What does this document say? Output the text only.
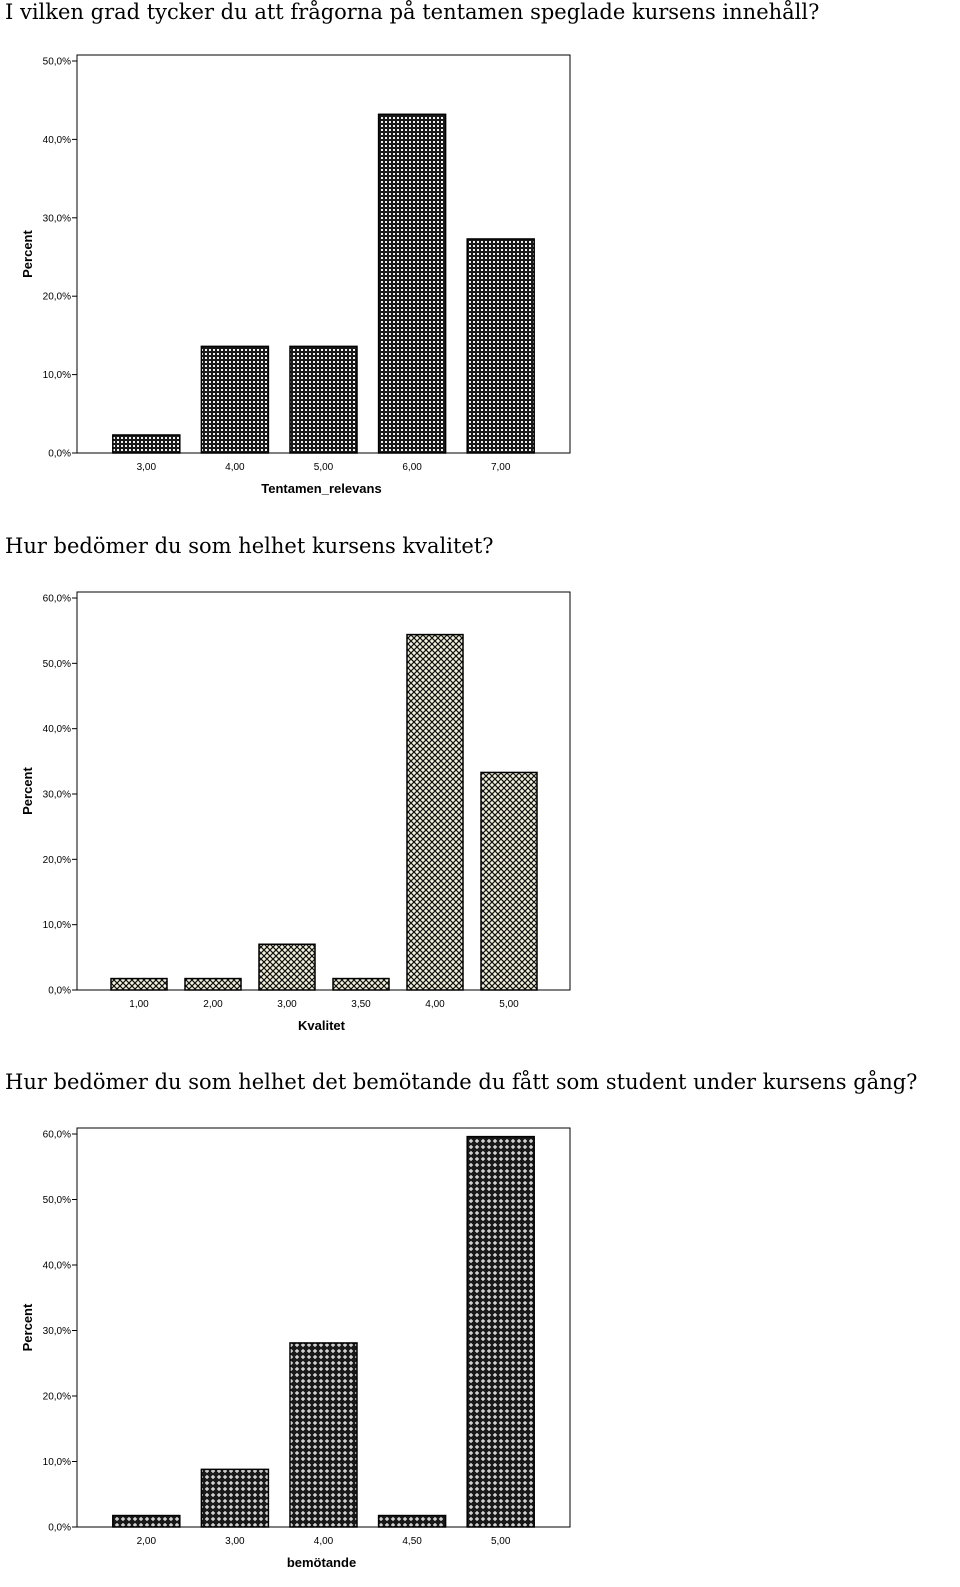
I vilken grad tycker du att frågorna på tentamen speglade kursens innehåll?
0,0%
10,0%
20,0%
30,0%
40,0%
50,0%
3,00	4,00	5,00	6,00	7,00
Tentamen_relevans
Percent
Hur bedömer du som helhet kursens kvalitet?
0,0%
10,0%
20,0%
30,0%
40,0%
50,0%
60,0%
1,00	2,00	3,00	3,50	4,00	5,00
Kvalitet
Percent
Hur bedömer du som helhet det bemötande du fått som student under kursens gång?
0,0%
10,0%
20,0%
30,0%
40,0%
50,0%
60,0%
2,00	3,00	4,00	4,50	5,00
bemötande
Percent
